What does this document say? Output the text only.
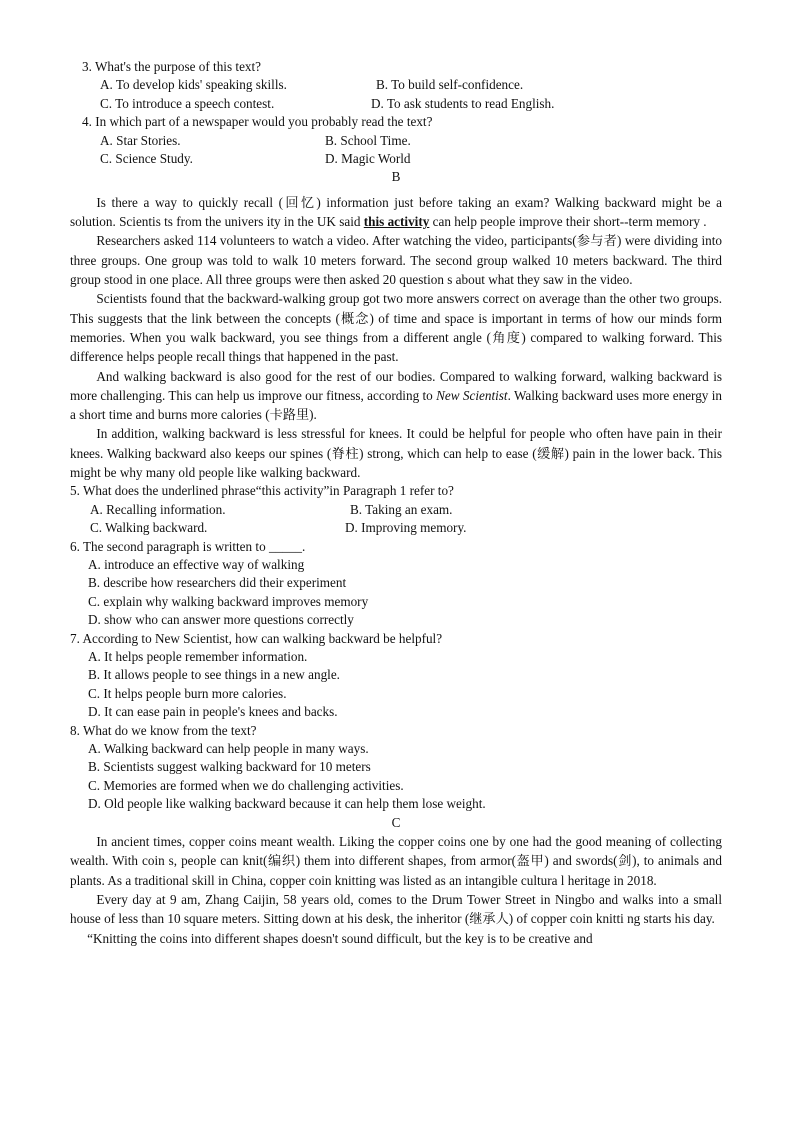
3. What's the purpose of this text?
A. To develop kids' speaking skills.	B. To build self-confidence.
C. To introduce a speech contest.	D. To ask students to read English.
4. In which part of a newspaper would you probably read the text?
A. Star Stories.	B. School Time.
C. Science Study.	D. Magic World
B

Is there a way to quickly recall (回忆) information just before taking an exam? Walking backward might be a solution. Scientis ts from the univers ity in the UK said this activity can help people improve their short--term memory .

Researchers asked 114 volunteers to watch a video. After watching the video, participants(参与者) were dividing into three groups. One group was told to walk 10 meters forward. The second group walked 10 meters backward. The third group stood in one place. All three groups were then asked 20 question s about what they saw in the video.

Scientists found that the backward-walking group got two more answers correct on average than the other two groups. This suggests that the link between the concepts (概念) of time and space is important in terms of how our minds form memories. When you walk backward, you see things from a different angle (角度) compared to walking forward. This difference helps people recall things that happened in the past.

And walking backward is also good for the rest of our bodies. Compared to walking forward, walking backward is more challenging. This can help us improve our fitness, according to New Scientist. Walking backward uses more energy in a short time and burns more calories (卡路里).

In addition, walking backward is less stressful for knees. It could be helpful for people who often have pain in their knees. Walking backward also keeps our spines (脊柱) strong, which can help to ease (缓解) pain in the lower back. This might be why many old people like walking backward.

5. What does the underlined phrase“this activity”in Paragraph 1 refer to?
A. Recalling information.	B. Taking an exam.
C. Walking backward.	D. Improving memory.
6. The second paragraph is written to _____.
A. introduce an effective way of walking
B. describe how researchers did their experiment
C. explain why walking backward improves memory
D. show who can answer more questions correctly
7. According to New Scientist, how can walking backward be helpful?
A. It helps people remember information.
B. It allows people to see things in a new angle.
C. It helps people burn more calories.
D. It can ease pain in people's knees and backs.
8. What do we know from the text?
A. Walking backward can help people in many ways.
B. Scientists suggest walking backward for 10 meters
C. Memories are formed when we do challenging activities.
D. Old people like walking backward because it can help them lose weight.
C

In ancient times, copper coins meant wealth. Liking the copper coins one by one had the good meaning of collecting wealth. With coin s, people can knit(编织) them into different shapes, from armor(盔甲) and swords(剑), to animals and plants. As a traditional skill in China, copper coin knitting was listed as an intangible cultura l heritage in 2018.

Every day at 9 am, Zhang Caijin, 58 years old, comes to the Drum Tower Street in Ningbo and walks into a small house of less than 10 square meters. Sitting down at his desk, the inheritor (继承人) of copper coin knitti ng starts his day.

“Knitting the coins into different shapes doesn't sound difficult, but the key is to be creative and
